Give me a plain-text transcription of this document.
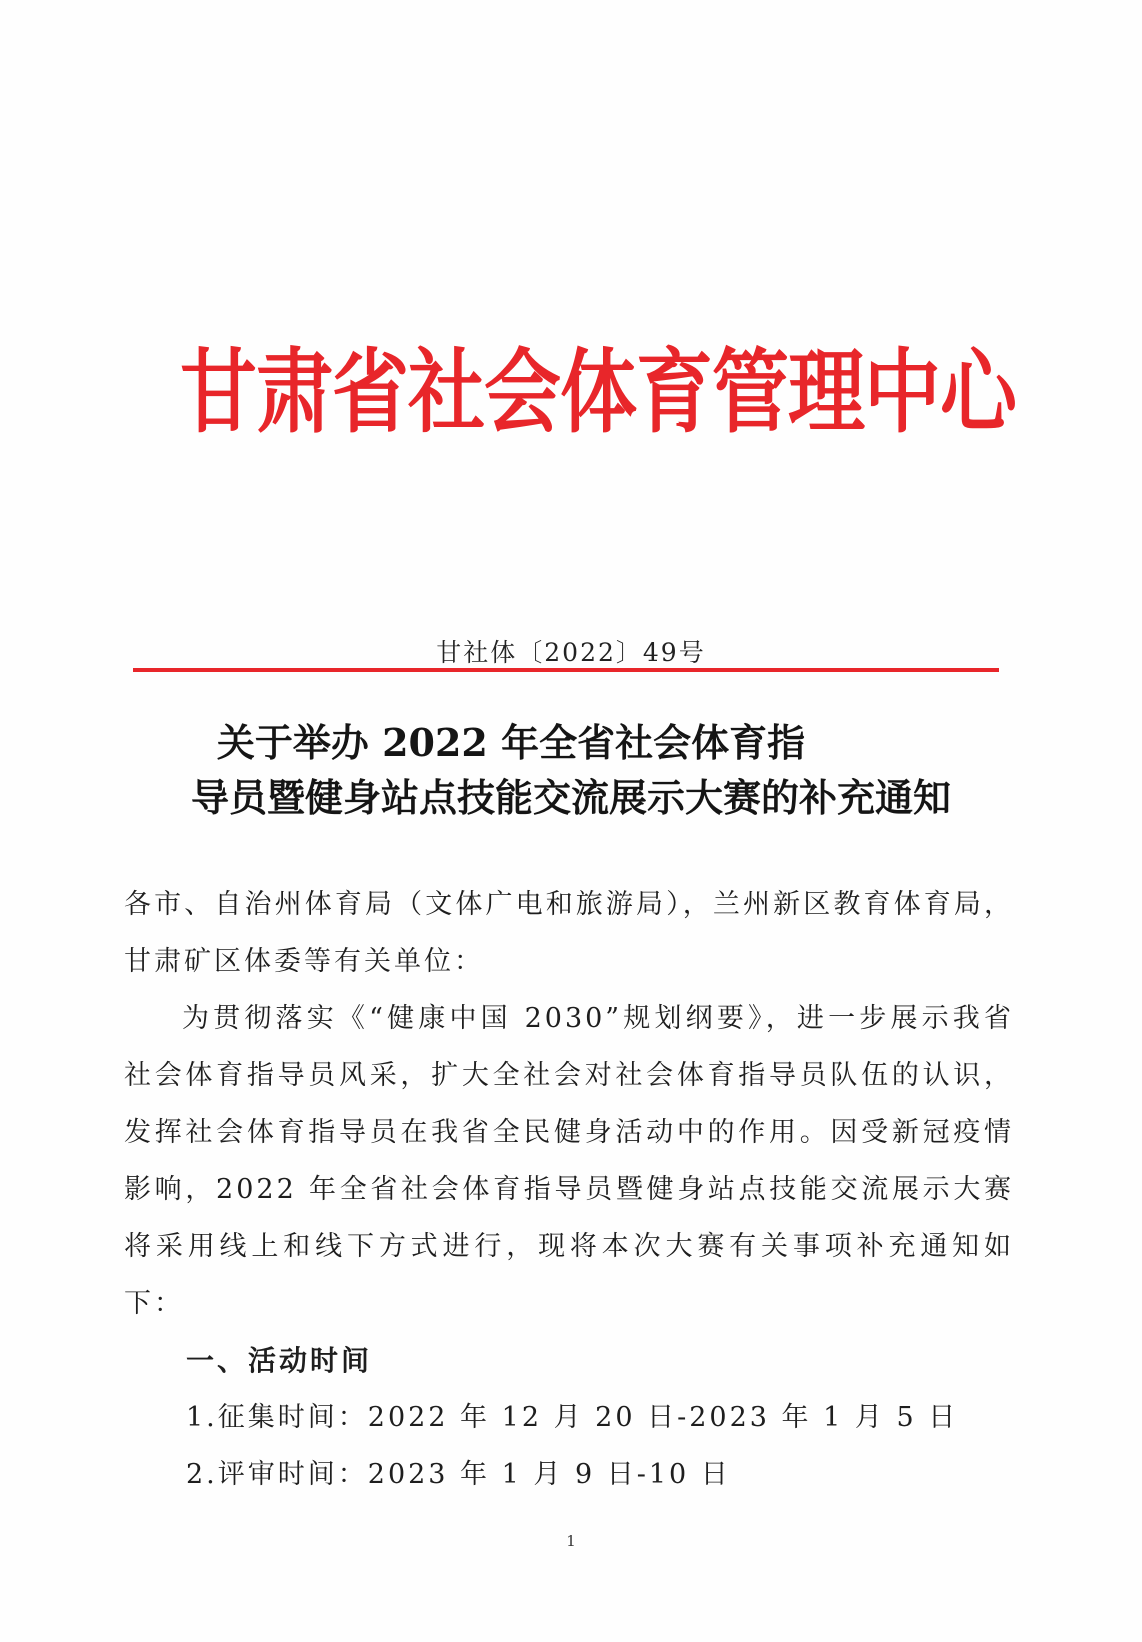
甘肃省社会体育管理中心
甘社体〔2022〕49号
关于举办 2022 年全省社会体育指
导员暨健身站点技能交流展示大赛的补充通知

各市、自治州体育局（文体广电和旅游局），兰州新区教育体育局，甘肃矿区体委等有关单位：

为贯彻落实《“健康中国 2030”规划纲要》，进一步展示我省社会体育指导员风采，扩大全社会对社会体育指导员队伍的认识，发挥社会体育指导员在我省全民健身活动中的作用。因受新冠疫情影响，2022 年全省社会体育指导员暨健身站点技能交流展示大赛将采用线上和线下方式进行，现将本次大赛有关事项补充通知如下：

一、活动时间

1.征集时间：2022 年 12 月 20 日-2023 年 1 月 5 日

2.评审时间：2023 年 1 月 9 日-10 日

1
